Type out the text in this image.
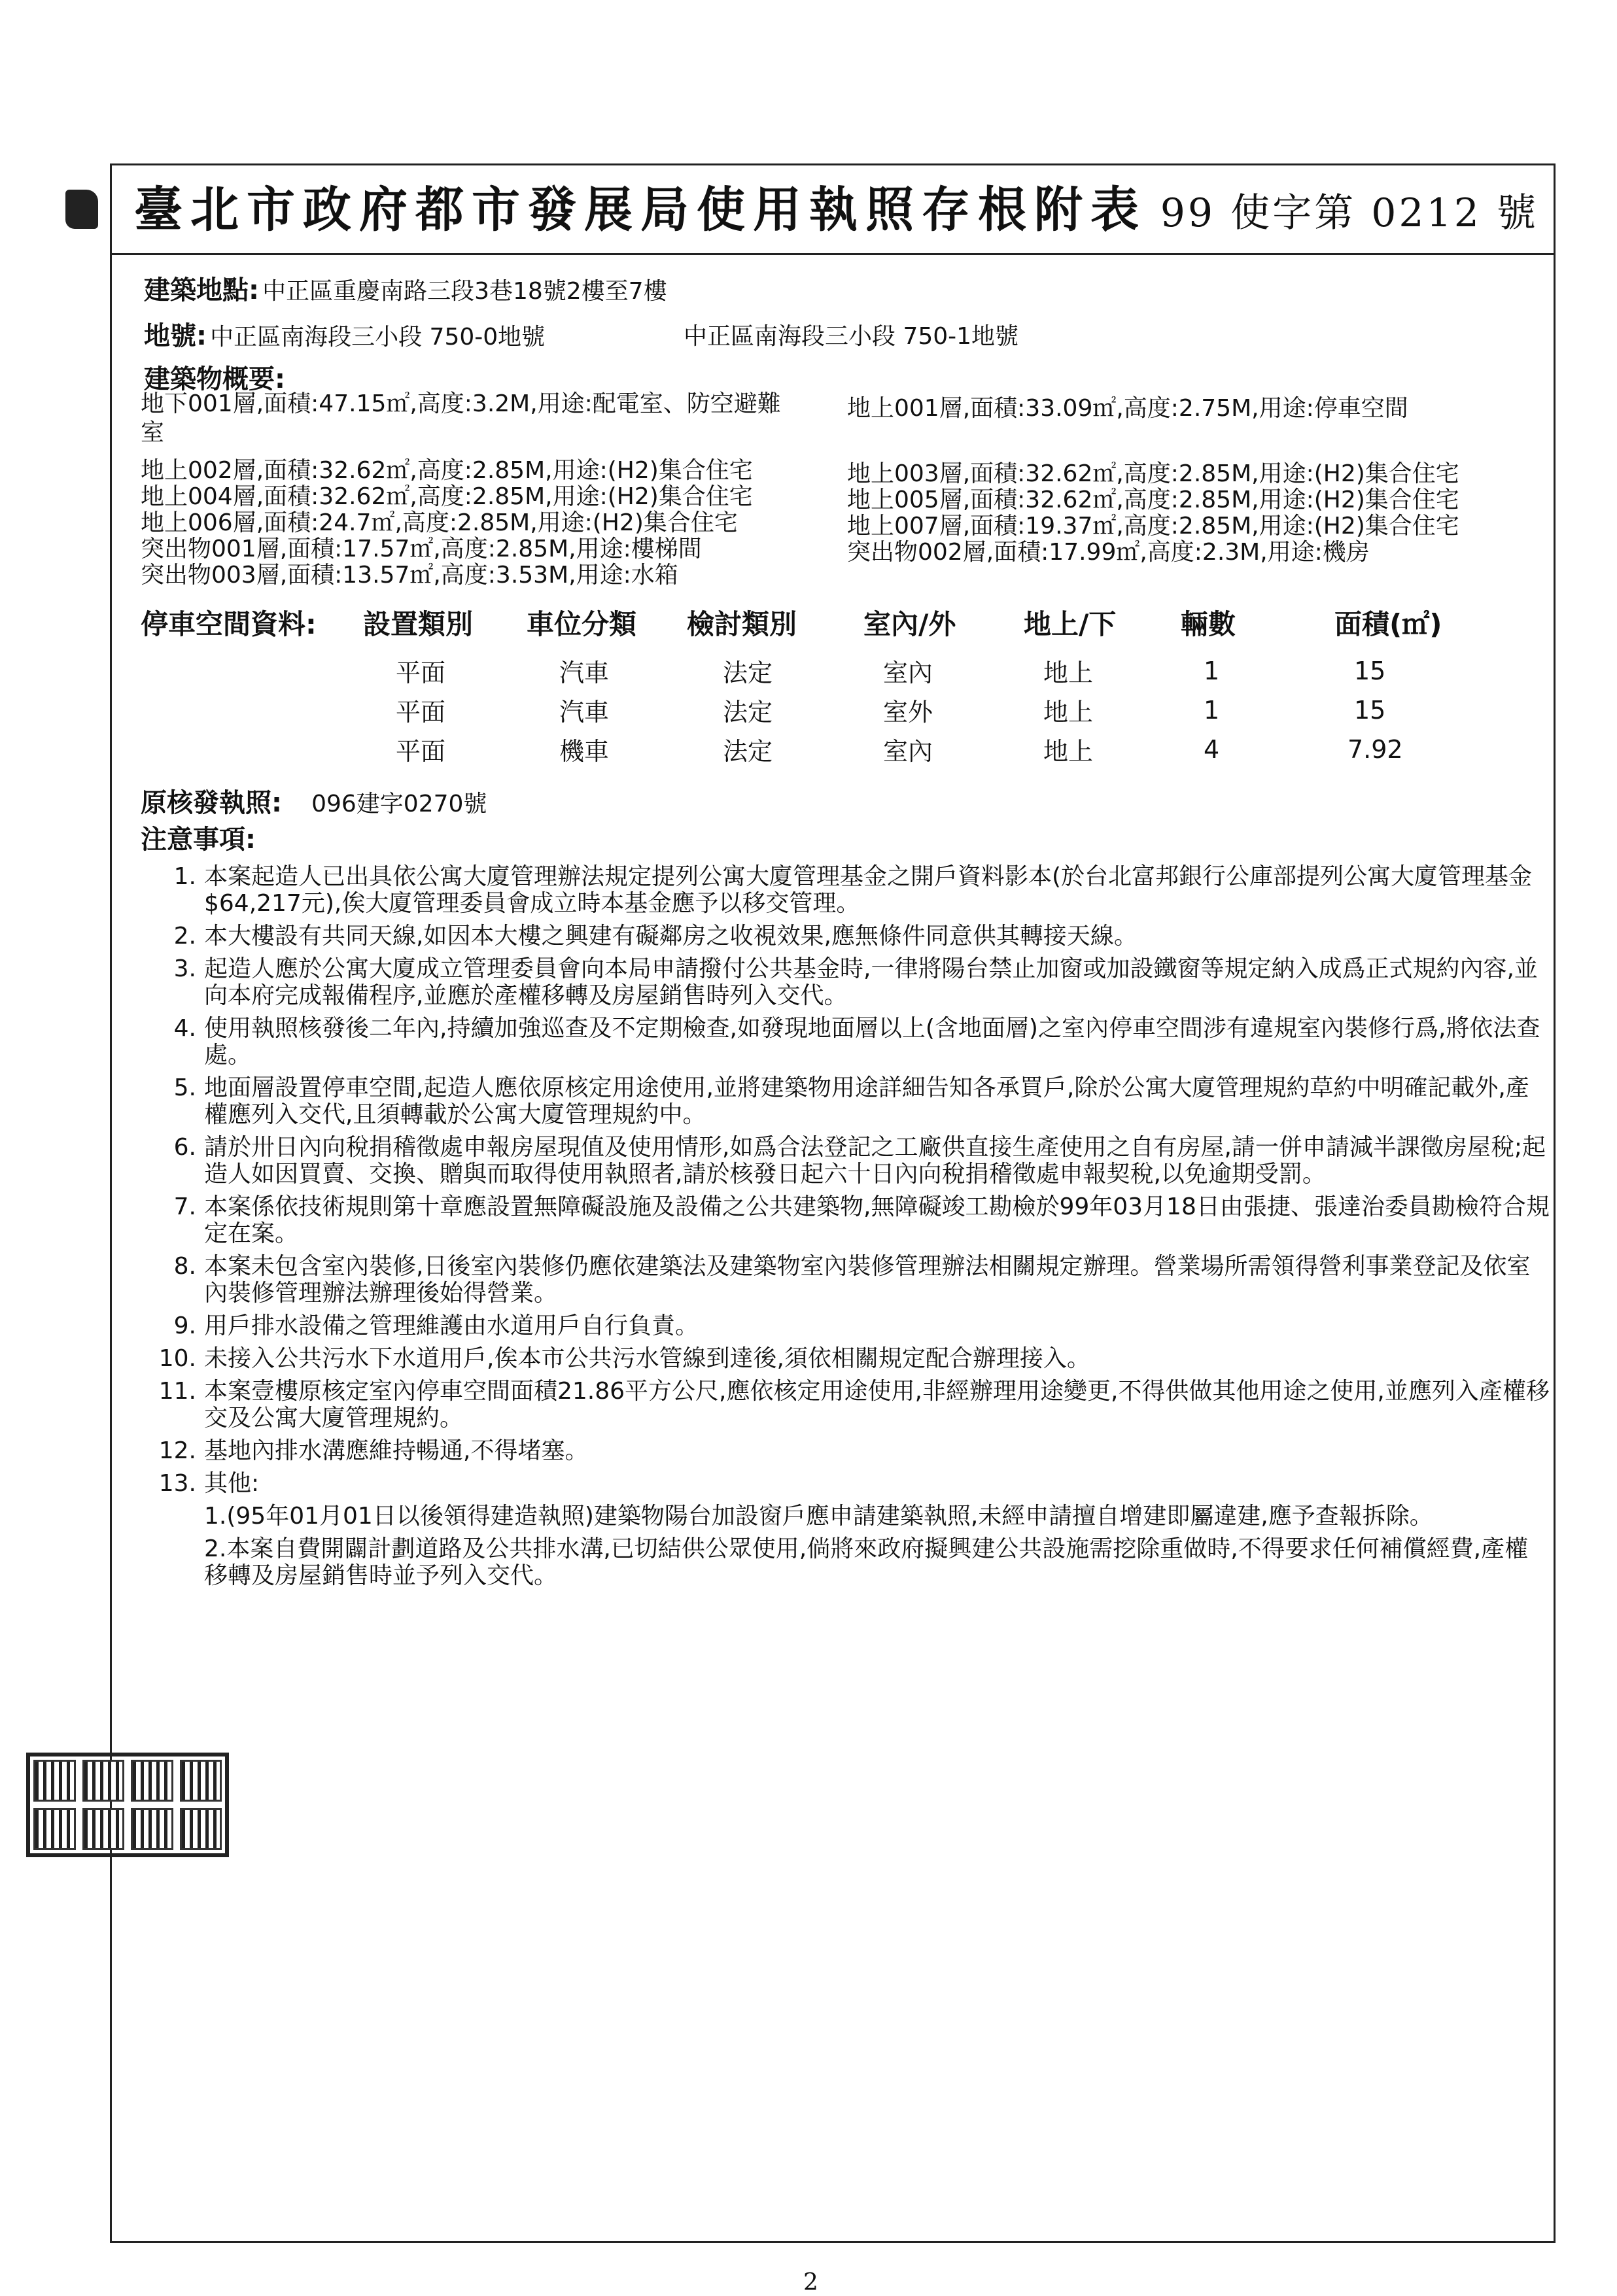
臺北市政府都市發展局使用執照存根附表 99 使字第 0212 號
建築地點: 中正區重慶南路三段3巷18號2樓至7樓
地號: 中正區南海段三小段 750-0地號	中正區南海段三小段 750-1地號
建築物概要:
地下001層,面積:47.15㎡,高度:3.2M,用途:配電室、防空避難	地上001層,面積:33.09㎡,高度:2.75M,用途:停車空間
室
地上002層,面積:32.62㎡,高度:2.85M,用途:(H2)集合住宅	地上003層,面積:32.62㎡,高度:2.85M,用途:(H2)集合住宅
地上004層,面積:32.62㎡,高度:2.85M,用途:(H2)集合住宅	地上005層,面積:32.62㎡,高度:2.85M,用途:(H2)集合住宅
地上006層,面積:24.7㎡,高度:2.85M,用途:(H2)集合住宅	地上007層,面積:19.37㎡,高度:2.85M,用途:(H2)集合住宅
突出物001層,面積:17.57㎡,高度:2.85M,用途:樓梯間	突出物002層,面積:17.99㎡,高度:2.3M,用途:機房
突出物003層,面積:13.57㎡,高度:3.53M,用途:水箱
停車空間資料: 設置類別 車位分類 檢討類別 室內/外 地上/下 輛數	面積(㎡)
平面	汽車	法定	室內	地上	1	15
平面	汽車	法定	室外	地上	1	15
平面	機車	法定	室內	地上	4	7.92
原核發執照: 096建字0270號
注意事項:
1. 本案起造人已出具依公寓大廈管理辦法規定提列公寓大廈管理基金之開戶資料影本(於台北富邦銀行公庫部提列公寓大廈管理基金$64,217元),俟大廈管理委員會成立時本基金應予以移交管理。
2. 本大樓設有共同天線,如因本大樓之興建有礙鄰房之收視效果,應無條件同意供其轉接天線。
3. 起造人應於公寓大廈成立管理委員會向本局申請撥付公共基金時,一律將陽台禁止加窗或加設鐵窗等規定納入成爲正式規約內容,並向本府完成報備程序,並應於產權移轉及房屋銷售時列入交代。
4. 使用執照核發後二年內,持續加強巡查及不定期檢查,如發現地面層以上(含地面層)之室內停車空間涉有違規室內裝修行爲,將依法查處。
5. 地面層設置停車空間,起造人應依原核定用途使用,並將建築物用途詳細告知各承買戶,除於公寓大廈管理規約草約中明確記載外,產權應列入交代,且須轉載於公寓大廈管理規約中。
6. 請於卅日內向稅捐稽徵處申報房屋現值及使用情形,如爲合法登記之工廠供直接生產使用之自有房屋,請一併申請減半課徵房屋稅;起造人如因買賣、交換、贈與而取得使用執照者,請於核發日起六十日內向稅捐稽徵處申報契稅,以免逾期受罰。
7. 本案係依技術規則第十章應設置無障礙設施及設備之公共建築物,無障礙竣工勘檢於99年03月18日由張捷、張達治委員勘檢符合規定在案。
8. 本案未包含室內裝修,日後室內裝修仍應依建築法及建築物室內裝修管理辦法相關規定辦理。營業場所需領得營利事業登記及依室內裝修管理辦法辦理後始得營業。
9. 用戶排水設備之管理維護由水道用戶自行負責。
10. 未接入公共污水下水道用戶,俟本市公共污水管線到達後,須依相關規定配合辦理接入。
11. 本案壹樓原核定室內停車空間面積21.86平方公尺,應依核定用途使用,非經辦理用途變更,不得供做其他用途之使用,並應列入產權移交及公寓大廈管理規約。
12. 基地內排水溝應維持暢通,不得堵塞。
13. 其他:
1.(95年01月01日以後領得建造執照)建築物陽台加設窗戶應申請建築執照,未經申請擅自增建即屬違建,應予查報拆除。
2.本案自費開闢計劃道路及公共排水溝,已切結供公眾使用,倘將來政府擬興建公共設施需挖除重做時,不得要求任何補償經費,產權移轉及房屋銷售時並予列入交代。
2
